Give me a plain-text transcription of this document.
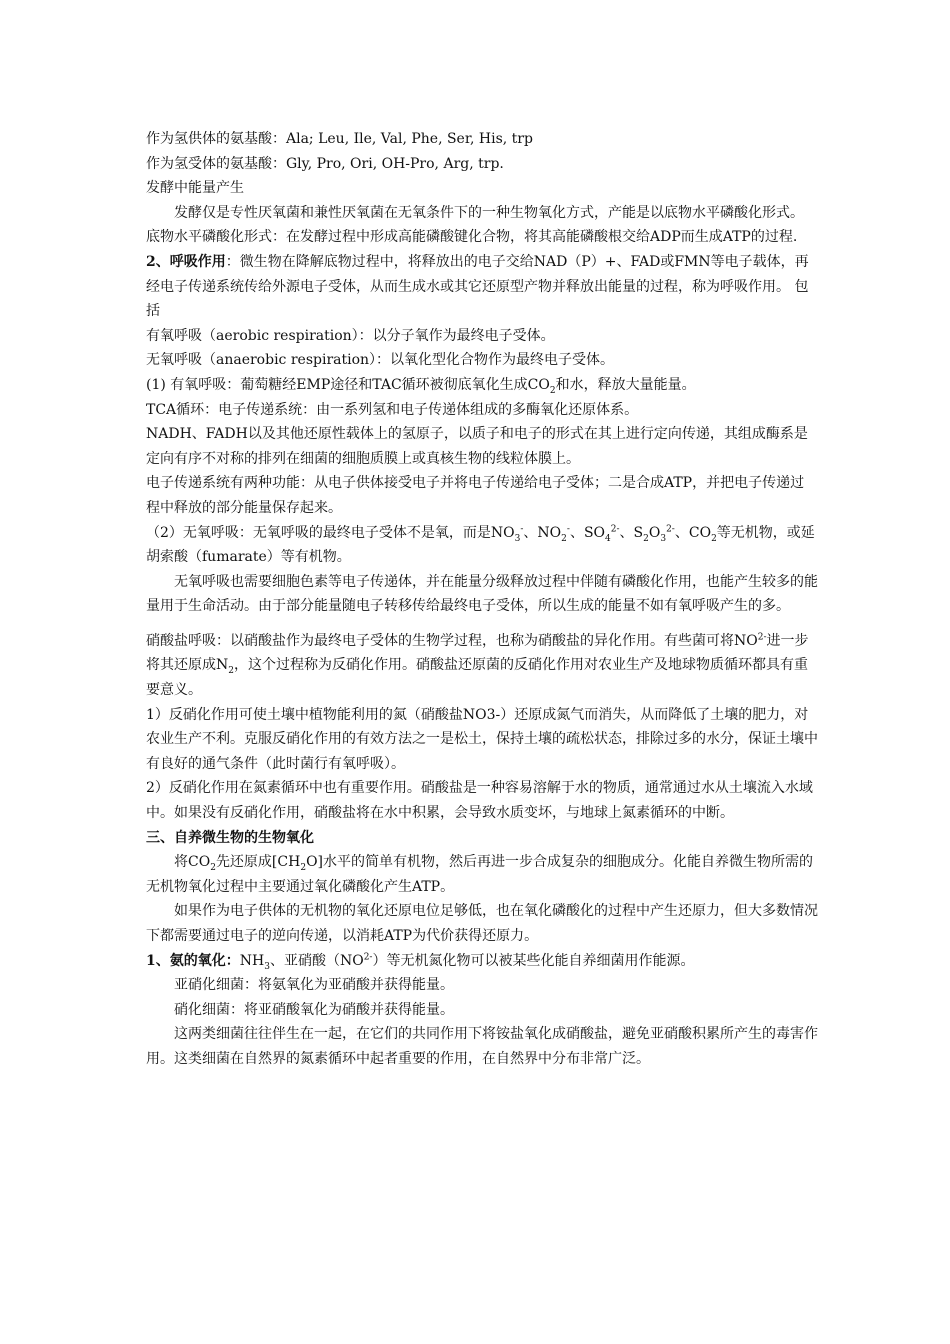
作为氢供体的氨基酸：Ala; Leu, Ile, Val, Phe, Ser, His, trp

作为氢受体的氨基酸：Gly, Pro, Ori, OH-Pro, Arg, trp.

发酵中能量产生

发酵仅是专性厌氧菌和兼性厌氧菌在无氧条件下的一种生物氧化方式，产能是以底物水平磷酸化形式。

底物水平磷酸化形式：在发酵过程中形成高能磷酸键化合物，将其高能磷酸根交给ADP而生成ATP的过程.

2、呼吸作用：微生物在降解底物过程中，将释放出的电子交给NAD（P）+、FAD或FMN等电子载体，再经电子传递系统传给外源电子受体，从而生成水或其它还原型产物并释放出能量的过程，称为呼吸作用。 包括

有氧呼吸（aerobic respiration）：以分子氧作为最终电子受体。

无氧呼吸（anaerobic respiration）：以氧化型化合物作为最终电子受体。

(1) 有氧呼吸：葡萄糖经EMP途径和TAC循环被彻底氧化生成$CO_2$和水，释放大量能量。

TCA循环：电子传递系统：由一系列氢和电子传递体组成的多酶氧化还原体系。

NADH、FADH以及其他还原性载体上的氢原子，以质子和电子的形式在其上进行定向传递，其组成酶系是定向有序不对称的排列在细菌的细胞质膜上或真核生物的线粒体膜上。

电子传递系统有两种功能：从电子供体接受电子并将电子传递给电子受体；二是合成ATP，并把电子传递过程中释放的部分能量保存起来。

（2）无氧呼吸：无氧呼吸的最终电子受体不是氧，而是$NO_3^-$、$NO_2^-$、$SO_4^{2-}$、$S_2O_3^{2-}$、$CO_2$等无机物，或延胡索酸（fumarate）等有机物。

无氧呼吸也需要细胞色素等电子传递体，并在能量分级释放过程中伴随有磷酸化作用，也能产生较多的能量用于生命活动。由于部分能量随电子转移传给最终电子受体，所以生成的能量不如有氧呼吸产生的多。

硝酸盐呼吸：以硝酸盐作为最终电子受体的生物学过程，也称为硝酸盐的异化作用。有些菌可将$NO^{2-}$进一步将其还原成$N_2$，这个过程称为反硝化作用。硝酸盐还原菌的反硝化作用对农业生产及地球物质循环都具有重要意义。

1）反硝化作用可使土壤中植物能利用的氮（硝酸盐NO3-）还原成氮气而消失，从而降低了土壤的肥力，对农业生产不利。克服反硝化作用的有效方法之一是松土，保持土壤的疏松状态，排除过多的水分，保证土壤中有良好的通气条件（此时菌行有氧呼吸）。

2）反硝化作用在氮素循环中也有重要作用。硝酸盐是一种容易溶解于水的物质，通常通过水从土壤流入水域中。如果没有反硝化作用，硝酸盐将在水中积累，会导致水质变坏，与地球上氮素循环的中断。

三、自养微生物的生物氧化

将$CO_2$先还原成$[CH_2O]$水平的简单有机物，然后再进一步合成复杂的细胞成分。化能自养微生物所需的无机物氧化过程中主要通过氧化磷酸化产生ATP。

如果作为电子供体的无机物的氧化还原电位足够低，也在氧化磷酸化的过程中产生还原力，但大多数情况下都需要通过电子的逆向传递，以消耗ATP为代价获得还原力。

1、氨的氧化：$NH_3$、亚硝酸$(NO^{2-})$等无机氮化物可以被某些化能自养细菌用作能源。

亚硝化细菌：将氨氧化为亚硝酸并获得能量。

硝化细菌：将亚硝酸氧化为硝酸并获得能量。

这两类细菌往往伴生在一起，在它们的共同作用下将铵盐氧化成硝酸盐，避免亚硝酸积累所产生的毒害作用。这类细菌在自然界的氮素循环中起者重要的作用，在自然界中分布非常广泛。
